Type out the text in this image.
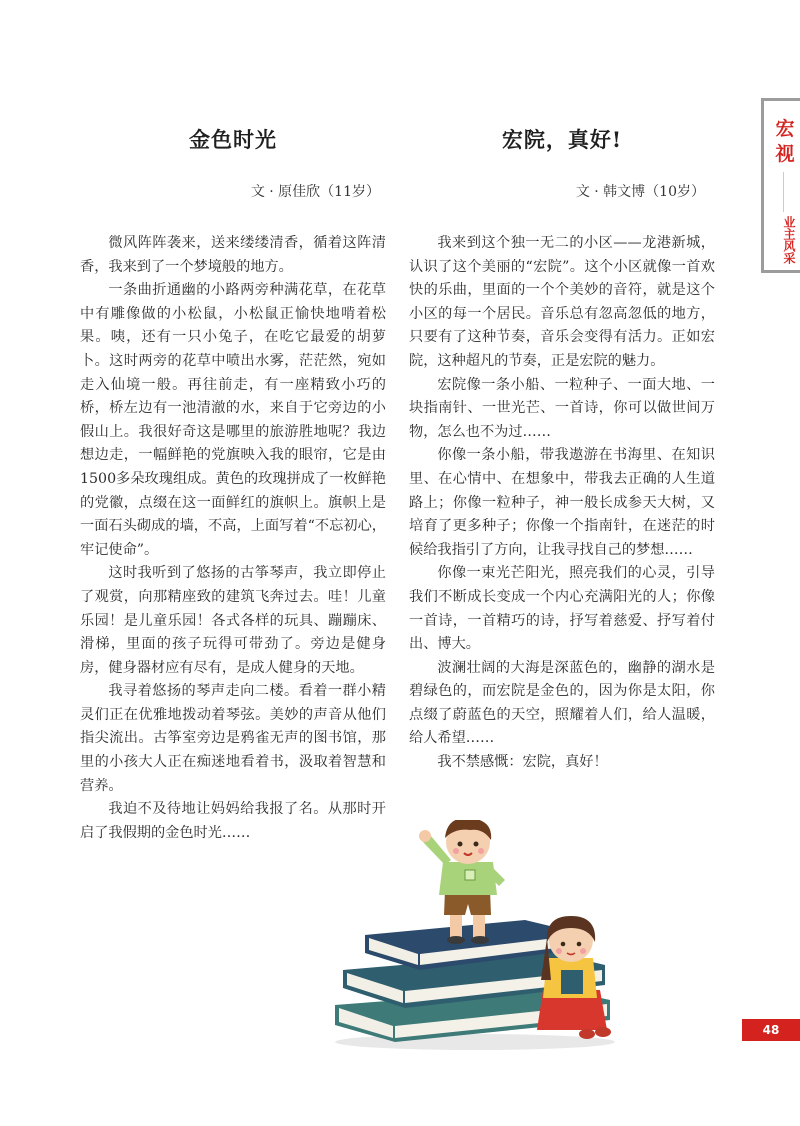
宏
视
业主风采
金色时光
文 · 原佳欣（11岁）

微风阵阵袭来，送来缕缕清香，循着这阵清香，我来到了一个梦境般的地方。

一条曲折通幽的小路两旁种满花草，在花草中有雕像做的小松鼠，小松鼠正愉快地啃着松果。咦，还有一只小兔子，在吃它最爱的胡萝卜。这时两旁的花草中喷出水雾，茫茫然，宛如走入仙境一般。再往前走，有一座精致小巧的桥，桥左边有一池清澈的水，来自于它旁边的小假山上。我很好奇这是哪里的旅游胜地呢？我边想边走，一幅鲜艳的党旗映入我的眼帘，它是由1500多朵玫瑰组成。黄色的玫瑰拼成了一枚鲜艳的党徽，点缀在这一面鲜红的旗帜上。旗帜上是一面石头砌成的墙，不高，上面写着“不忘初心，牢记使命”。

这时我听到了悠扬的古筝琴声，我立即停止了观赏，向那精座致的建筑飞奔过去。哇！儿童乐园！是儿童乐园！各式各样的玩具、蹦蹦床、滑梯，里面的孩子玩得可带劲了。旁边是健身房，健身器材应有尽有，是成人健身的天地。

我寻着悠扬的琴声走向二楼。看着一群小精灵们正在优雅地拨动着琴弦。美妙的声音从他们指尖流出。古筝室旁边是鸦雀无声的图书馆，那里的小孩大人正在痴迷地看着书，汲取着智慧和营养。

我迫不及待地让妈妈给我报了名。从那时开启了我假期的金色时光……

宏院，真好!
文 · 韩文博（10岁）

我来到这个独一无二的小区——龙港新城，认识了这个美丽的“宏院”。这个小区就像一首欢快的乐曲，里面的一个个美妙的音符，就是这个小区的每一个居民。音乐总有忽高忽低的地方，只要有了这种节奏，音乐会变得有活力。正如宏院，这种超凡的节奏，正是宏院的魅力。

宏院像一条小船、一粒种子、一面大地、一块指南针、一世光芒、一首诗，你可以做世间万物，怎么也不为过……

你像一条小船，带我遨游在书海里、在知识里、在心情中、在想象中，带我去正确的人生道路上；你像一粒种子，神一般长成参天大树，又培育了更多种子；你像一个指南针，在迷茫的时候给我指引了方向，让我寻找自己的梦想……

你像一束光芒阳光，照亮我们的心灵，引导我们不断成长变成一个内心充满阳光的人；你像一首诗，一首精巧的诗，抒写着慈爱、抒写着付出、博大。

波澜壮阔的大海是深蓝色的，幽静的湖水是碧绿色的，而宏院是金色的，因为你是太阳，你点缀了蔚蓝色的天空，照耀着人们，给人温暖，给人希望……

我不禁感慨：宏院，真好！

48
